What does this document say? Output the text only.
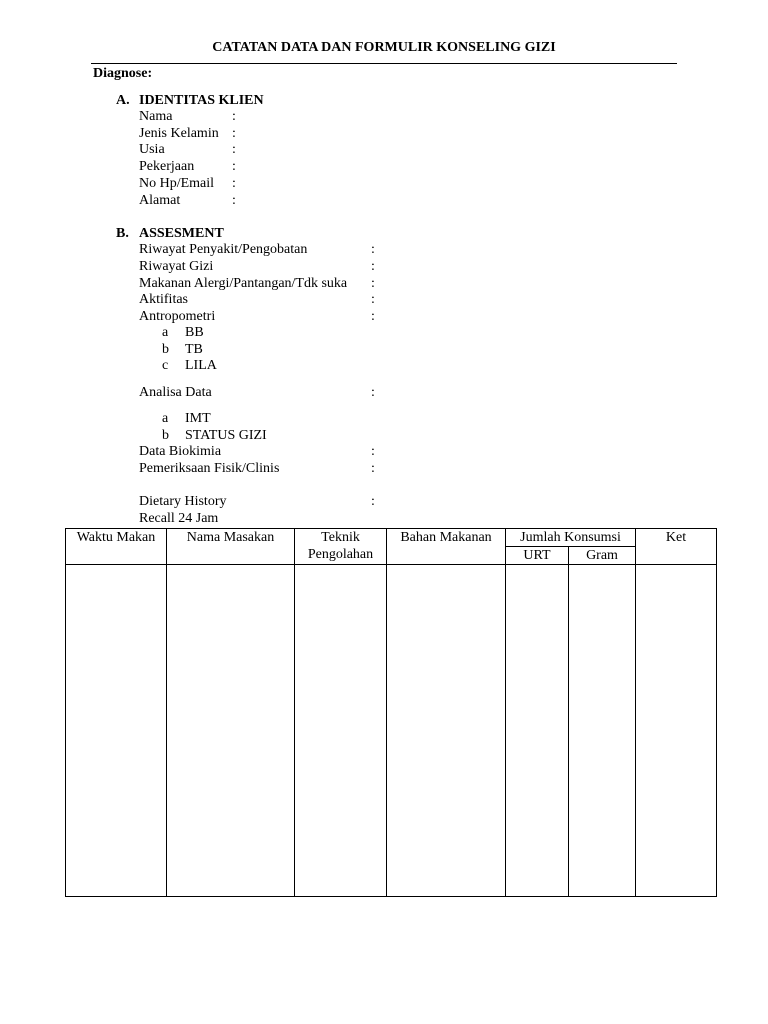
CATATAN DATA DAN FORMULIR KONSELING GIZI
Diagnose:
A. IDENTITAS KLIEN
Nama	:
Jenis Kelamin :
Usia	:
Pekerjaan	:
No Hp/Email :
Alamat	:
B. ASSESMENT
Riwayat Penyakit/Pengobatan	:
Riwayat Gizi	:
Makanan Alergi/Pantangan/Tdk suka :
Aktifitas	:
Antropometri	:
a BB
b TB
c LILA
Analisa Data	:
a IMT
b STATUS GIZI
Data Biokimia	:
Pemeriksaan Fisik/Clinis	:
Dietary History	:
Recall 24 Jam
Waktu Makan	Nama Masakan	Teknik Pengolahan	Bahan Makanan	Jumlah Konsumsi		Ket
				URT	Gram	
